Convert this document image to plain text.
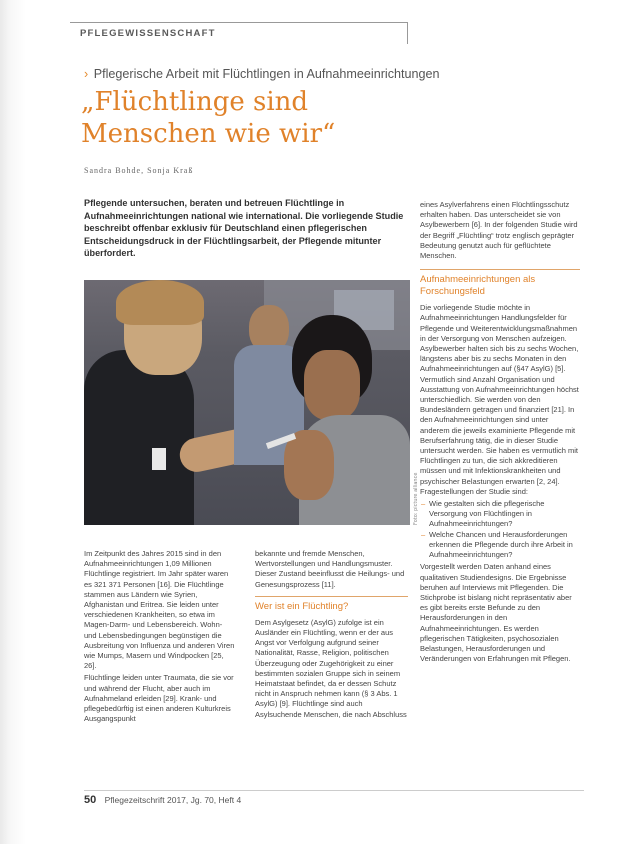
PFLEGEWISSENSCHAFT
› Pflegerische Arbeit mit Flüchtlingen in Aufnahmeeinrichtungen
„Flüchtlinge sind
Menschen wie wir“
Sandra Bohde, Sonja Kraß

Pflegende untersuchen, beraten und betreuen Flüchtlinge in Aufnahmeeinrichtungen national wie international. Die vorliegende Studie beschreibt offenbar exklusiv für Deutschland einen pflegerischen Entscheidungsdruck in der Flüchtlingsarbeit, der Pflegende mitunter überfordert.

Foto: picture alliance

Im Zeitpunkt des Jahres 2015 sind in den Aufnahmeeinrichtungen 1,09 Millionen Flüchtlinge registriert. Im Jahr später waren es 321 371 Personen [16]. Die Flüchtlinge stammen aus Ländern wie Syrien, Afghanistan und Eritrea. Sie leiden unter verschiedenen Krankheiten, so etwa im Magen-Darm- und Lebensbereich. Wohn- und Lebensbedingungen begünstigen die Ausbreitung von Influenza und anderen Viren wie Mumps, Masern und Windpocken [25, 26].

Flüchtlinge leiden unter Traumata, die sie vor und während der Flucht, aber auch im Aufnahmeland erleiden [29]. Krank- und pflegebedürftig ist einen anderen Kulturkreis Ausgangspunkt

bekannte und fremde Menschen, Wertvorstellungen und Handlungsmuster. Dieser Zustand beeinflusst die Heilungs- und Genesungsprozess [11].

Wer ist ein Flüchtling?

Dem Asylgesetz (AsylG) zufolge ist ein Ausländer ein Flüchtling, wenn er der aus Angst vor Verfolgung aufgrund seiner Nationalität, Rasse, Religion, politischen Überzeugung oder Zugehörigkeit zu einer bestimmten sozialen Gruppe sich in seinem Heimatstaat befindet, da er dessen Schutz nicht in Anspruch nehmen kann (§ 3 Abs. 1 AsylG) [9]. Flüchtlinge sind auch Asylsuchende Menschen, die nach Abschluss

eines Asylverfahrens einen Flüchtlingsschutz erhalten haben. Das unterscheidet sie von Asylbewerbern [6]. In der folgenden Studie wird der Begriff „Flüchtling“ trotz englisch geprägter Bedeutung genutzt auch für geflüchtete Menschen.

Aufnahmeeinrichtungen als Forschungsfeld

Die vorliegende Studie möchte in Aufnahmeeinrichtungen Handlungsfelder für Pflegende und Weiterentwicklungsmaßnahmen in der Versorgung von Menschen aufzeigen. Asylbewerber halten sich bis zu sechs Wochen, längstens aber bis zu sechs Monaten in den Aufnahmeeinrichtungen auf (§47 AsylG) [5]. Vermutlich sind Anzahl Organisation und Ausstattung von Aufnahmeeinrichtungen höchst unterschiedlich. Sie werden von den Bundesländern getragen und finanziert [21]. In den Aufnahmeeinrichtungen sind unter anderem die jeweils examinierte Pflegende mit Berufserfahrung tätig, die in dieser Studie untersucht werden. Sie haben es vermutlich mit Flüchtlingen zu tun, die sich akkreditieren müssen und mit Infektionskrankheiten und psychischer Belastungen erwarten [2, 24]. Fragestellungen der Studie sind:

– Wie gestalten sich die pflegerische Versorgung von Flüchtlingen in Aufnahmeeinrichtungen?
– Welche Chancen und Herausforderungen erkennen die Pflegende durch ihre Arbeit in Aufnahmeeinrichtungen?

Vorgestellt werden Daten anhand eines qualitativen Studiendesigns. Die Ergebnisse beruhen auf Interviews mit Pflegenden. Die Stichprobe ist bislang nicht repräsentativ aber es gibt bereits erste Befunde zu den Herausforderungen in den Aufnahmeeinrichtungen. Es werden pflegerischen Tätigkeiten, psychosozialen Belastungen, Herausforderungen und Veränderungen von Erfahrungen mit Pflegen.

50 Pflegezeitschrift 2017, Jg. 70, Heft 4
